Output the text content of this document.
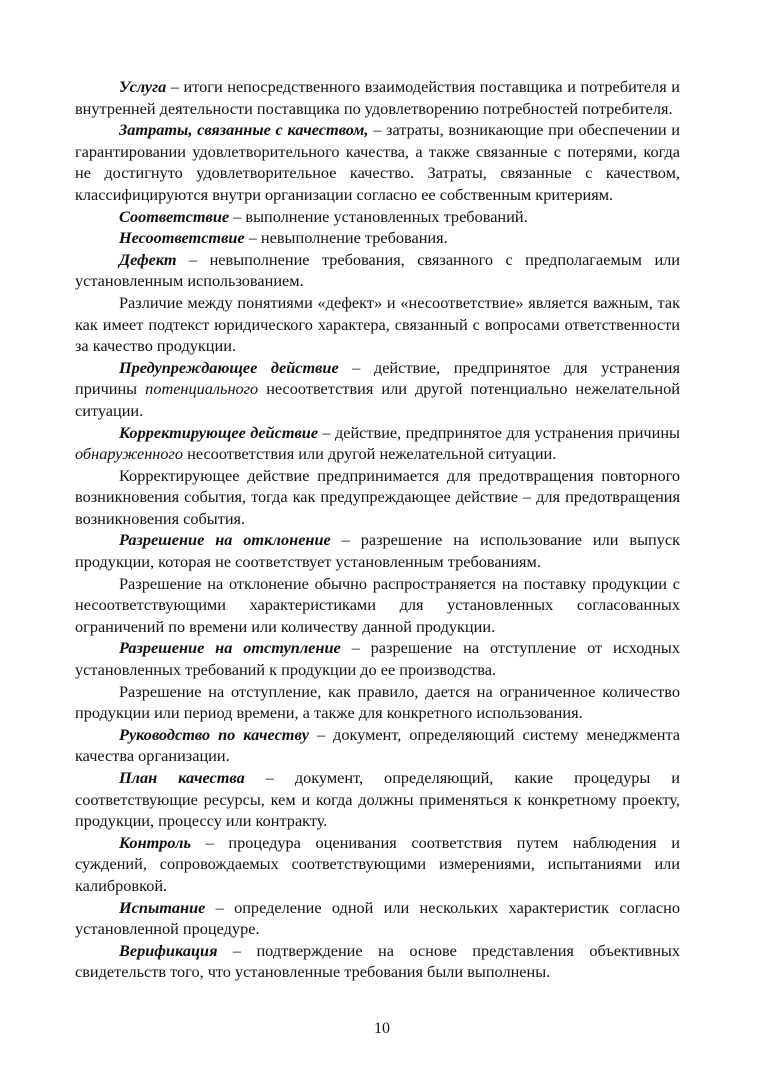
Услуга – итоги непосредственного взаимодействия поставщика и потребителя и внутренней деятельности поставщика по удовлетворению потребностей потребителя.

Затраты, связанные с качеством, – затраты, возникающие при обеспечении и гарантировании удовлетворительного качества, а также связанные с потерями, когда не достигнуто удовлетворительное качество. Затраты, связанные с качеством, классифицируются внутри организации согласно ее собственным критериям.

Соответствие – выполнение установленных требований.

Несоответствие – невыполнение требования.

Дефект – невыполнение требования, связанного с предполагаемым или установленным использованием.

Различие между понятиями «дефект» и «несоответствие» является важным, так как имеет подтекст юридического характера, связанный с вопросами ответственности за качество продукции.

Предупреждающее действие – действие, предпринятое для устранения причины потенциального несоответствия или другой потенциально нежелательной ситуации.

Корректирующее действие – действие, предпринятое для устранения причины обнаруженного несоответствия или другой нежелательной ситуации.

Корректирующее действие предпринимается для предотвращения повторного возникновения события, тогда как предупреждающее действие – для предотвращения возникновения события.

Разрешение на отклонение – разрешение на использование или выпуск продукции, которая не соответствует установленным требованиям.

Разрешение на отклонение обычно распространяется на поставку продукции с несоответствующими характеристиками для установленных согласованных ограничений по времени или количеству данной продукции.

Разрешение на отступление – разрешение на отступление от исходных установленных требований к продукции до ее производства.

Разрешение на отступление, как правило, дается на ограниченное количество продукции или период времени, а также для конкретного использования.

Руководство по качеству – документ, определяющий систему менеджмента качества организации.

План качества – документ, определяющий, какие процедуры и соответствующие ресурсы, кем и когда должны применяться к конкретному проекту, продукции, процессу или контракту.

Контроль – процедура оценивания соответствия путем наблюдения и суждений, сопровождаемых соответствующими измерениями, испытаниями или калибровкой.

Испытание – определение одной или нескольких характеристик согласно установленной процедуре.

Верификация – подтверждение на основе представления объективных свидетельств того, что установленные требования были выполнены.

10
